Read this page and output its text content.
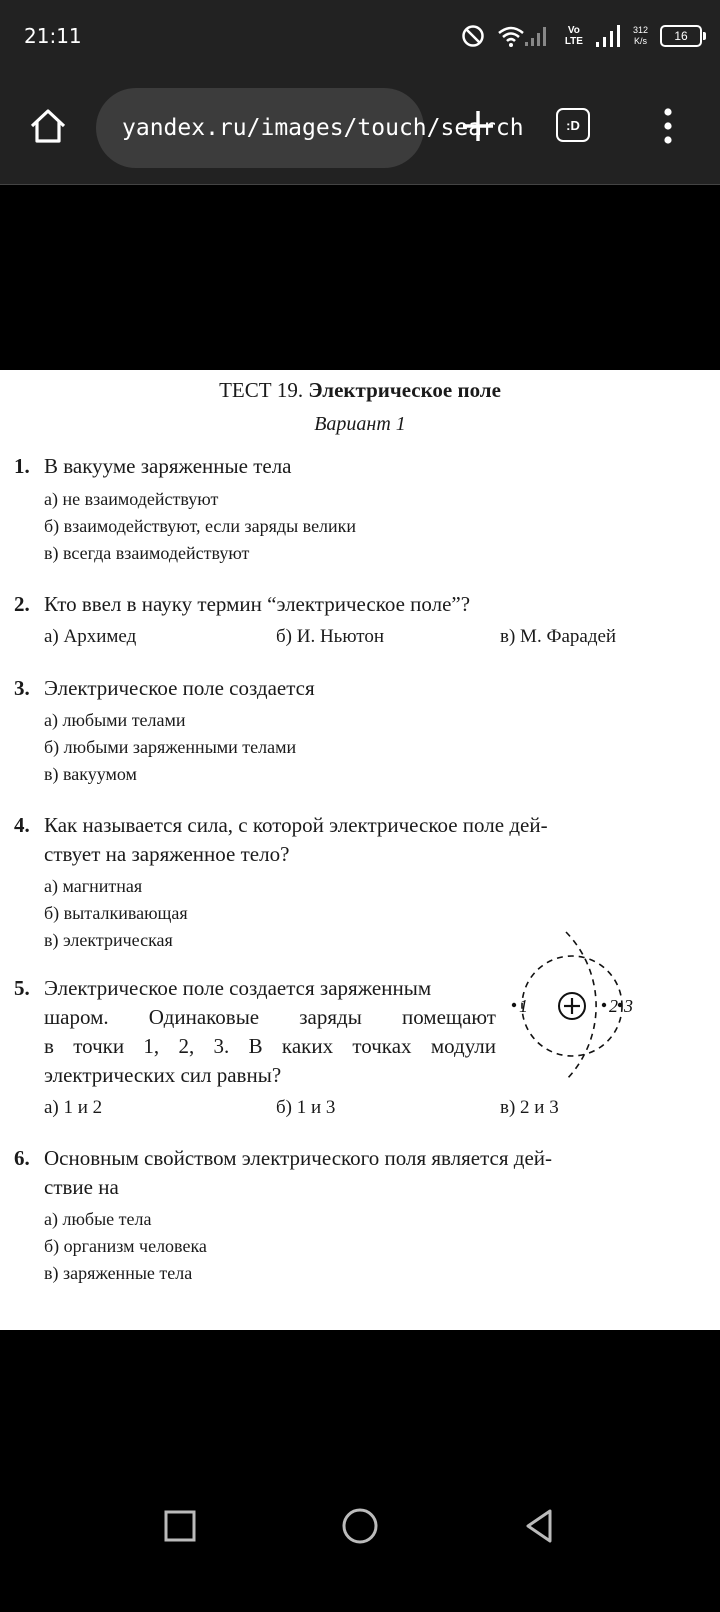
21:11	Vo
LTE
312
K/s 16
yandex.ru/images/touch/search	:D
ТЕСТ 19. Электрическое поле
Вариант 1
1. В вакууме заряженные тела
а) не взаимодействуют
б) взаимодействуют, если заряды велики
в) всегда взаимодействуют
2. Кто ввел в науку термин “электрическое поле”?
а) Архимед	б) И. Ньютон	в) М. Фарадей
3. Электрическое поле создается
а) любыми телами
б) любыми заряженными телами
в) вакуумом
4. Как называется сила, с которой электрическое поле дей-
ствует на заряженное тело?
а) магнитная
б) выталкивающая
в) электрическая
5. Электрическое поле создается заряженным
шаром. Одинаковые заряды помещают
в точки 1, 2, 3. В каких точках модули
электрических сил равны?
а) 1 и 2	б) 1 и 3	в) 2 и 3
1	2 3
6. Основным свойством электрического поля является дей-
ствие на
а) любые тела
б) организм человека
в) заряженные тела
